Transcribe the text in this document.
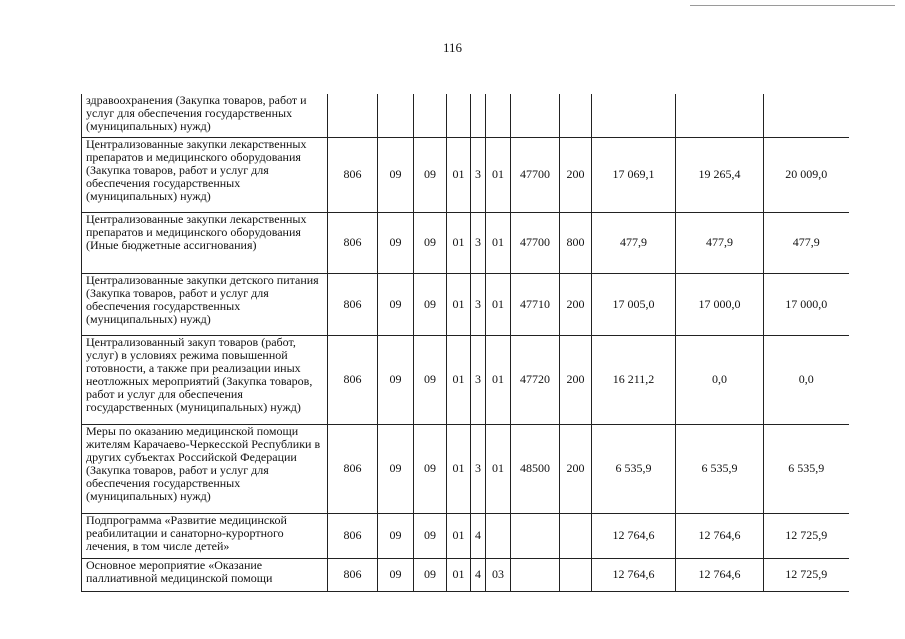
116
здравоохранения (Закупка товаров, работ и услуг для обеспечения государственных (муниципальных) нужд)											
Централизованные закупки лекарственных препаратов и медицинского оборудования (Закупка товаров, работ и услуг для обеспечения государственных (муниципальных) нужд)	806	09	09	01	3	01	47700	200	17 069,1	19 265,4	20 009,0
Централизованные закупки лекарственных препаратов и медицинского оборудования (Иные бюджетные ассигнования)	806	09	09	01	3	01	47700	800	477,9	477,9	477,9
Централизованные закупки детского питания (Закупка товаров, работ и услуг для обеспечения государственных (муниципальных) нужд)	806	09	09	01	3	01	47710	200	17 005,0	17 000,0	17 000,0
Централизованный закуп товаров (работ, услуг) в условиях режима повышенной готовности, а также при реализации иных неотложных мероприятий (Закупка товаров, работ и услуг для обеспечения государственных (муниципальных) нужд)	806	09	09	01	3	01	47720	200	16 211,2	0,0	0,0
Меры по оказанию медицинской помощи жителям Карачаево-Черкесской Республики в других субъектах Российской Федерации (Закупка товаров, работ и услуг для обеспечения государственных (муниципальных) нужд)	806	09	09	01	3	01	48500	200	6 535,9	6 535,9	6 535,9
Подпрограмма «Развитие медицинской реабилитации и санаторно-курортного лечения, в том числе детей»	806	09	09	01	4				12 764,6	12 764,6	12 725,9
Основное мероприятие «Оказание паллиативной медицинской помощи	806	09	09	01	4	03			12 764,6	12 764,6	12 725,9
